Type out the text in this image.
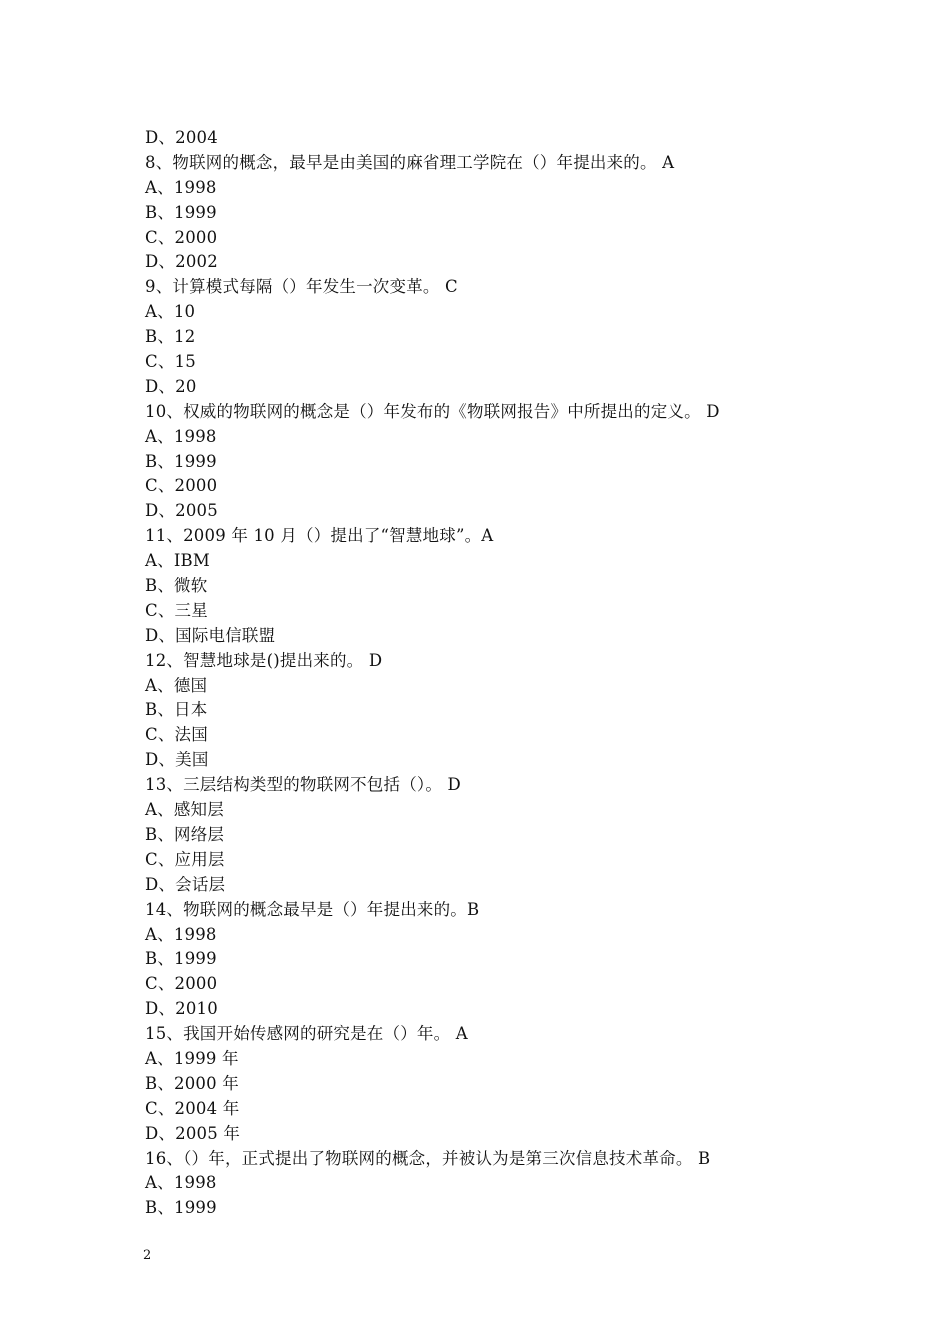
D、2004
8、物联网的概念，最早是由美国的麻省理工学院在（）年提出来的。 A
A、1998
B、1999
C、2000
D、2002
9、计算模式每隔（）年发生一次变革。 C
A、10
B、12
C、15
D、20
10、权威的物联网的概念是（）年发布的《物联网报告》中所提出的定义。 D
A、1998
B、1999
C、2000
D、2005
11、2009 年 10 月（）提出了“智慧地球”。A
A、IBM
B、微软
C、三星
D、国际电信联盟
12、智慧地球是()提出来的。 D
A、德国
B、日本
C、法国
D、美国
13、三层结构类型的物联网不包括（）。 D
A、感知层
B、网络层
C、应用层
D、会话层
14、物联网的概念最早是（）年提出来的。B
A、1998
B、1999
C、2000
D、2010
15、我国开始传感网的研究是在（）年。 A
A、1999 年
B、2000 年
C、2004 年
D、2005 年
16、（）年，正式提出了物联网的概念，并被认为是第三次信息技术革命。 B
A、1998
B、1999
2
